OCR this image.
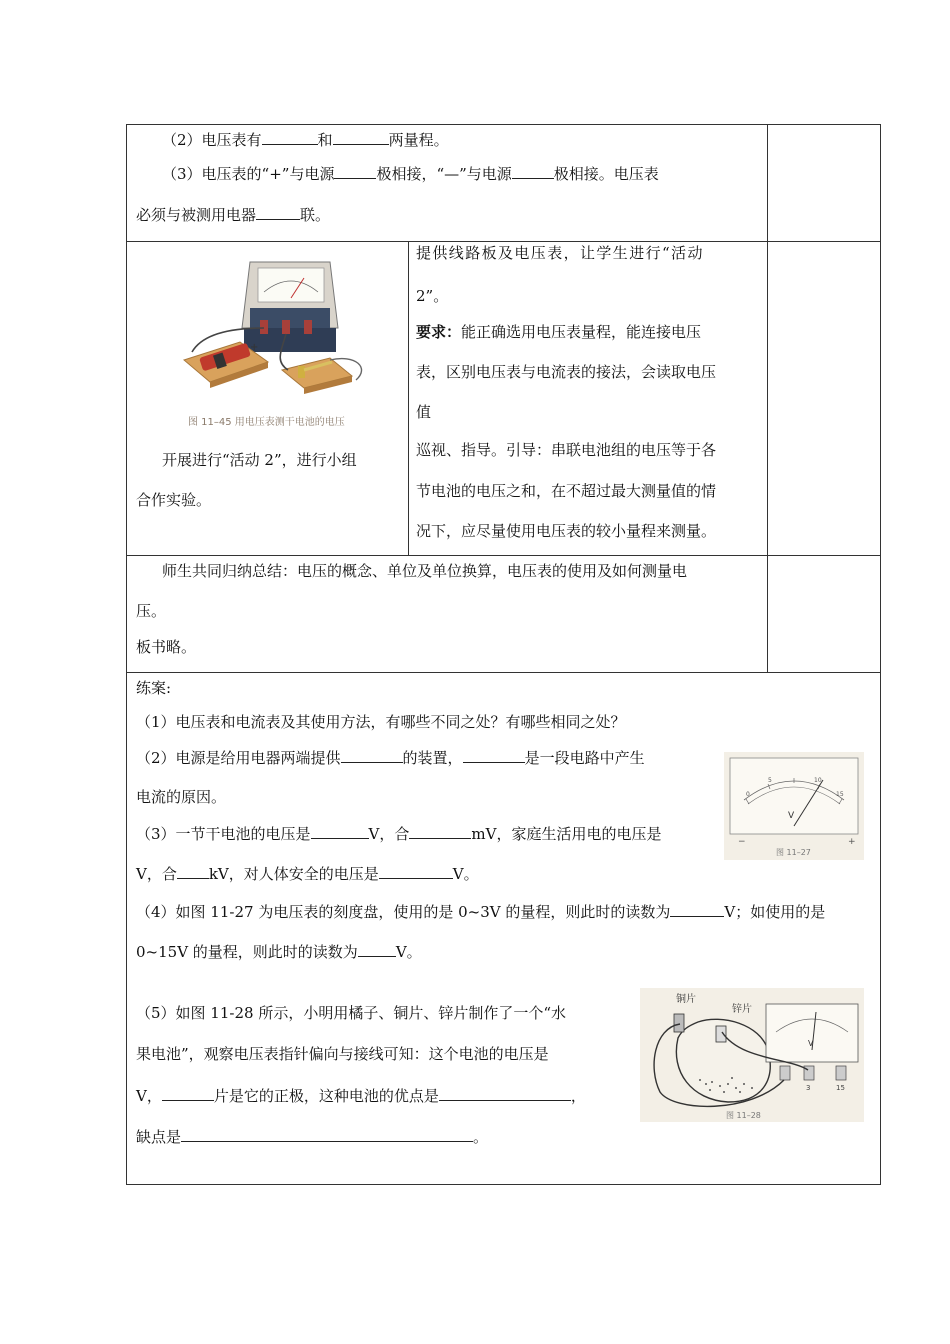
（2）电压表有	和	两量程。
（3）电压表的“+”与电源	极相接，“—”与电源	极相接。电压表
必须与被测用电器	联。
+
图 11–45 用电压表测干电池的电压
开展进行“活动 2”，进行小组
合作实验。
提供线路板及电压表，让学生进行“活动
2”。
要求：能正确选用电压表量程，能连接电压
表，区别电压表与电流表的接法，会读取电压
值
巡视、指导。引导：串联电池组的电压等于各
节电池的电压之和，在不超过最大测量值的情
况下，应尽量使用电压表的较小量程来测量。
师生共同归纳总结：电压的概念、单位及单位换算，电压表的使用及如何测量电
压。
板书略。
练案:
（1）电压表和电流表及其使用方法，有哪些不同之处？有哪些相同之处？
（2）电源是给用电器两端提供	的装置，	是一段电路中产生
电流的原因。
（3）一节干电池的电压是	V，合	mV，家庭生活用电的电压是
V，合 kV，对人体安全的电压是	V。
（4）如图 11-27 为电压表的刻度盘，使用的是 0~3V 的量程，则此时的读数为	V；如使用的是
0~15V 的量程，则此时的读数为	V。
（5）如图 11-28 所示，小明用橘子、铜片、锌片制作了一个“水
果电池”，观察电压表指针偏向与接线可知：这个电池的电压是
V，	片是它的正极，这种电池的优点是	，
缺点是	。
−	+
0
5	10
15
V
图 11–27
铜片
锌片
V
3	15
图 11–28
